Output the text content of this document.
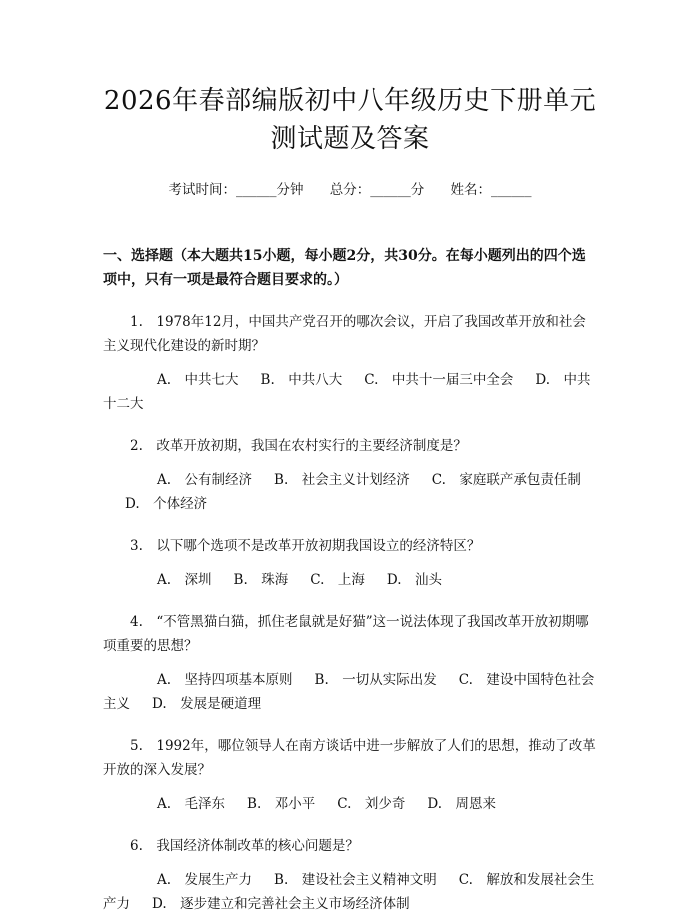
2026年春部编版初中八年级历史下册单元测试题及答案
考试时间：______分钟 总分：______分 姓名：______
一、选择题（本大题共15小题，每小题2分，共30分。在每小题列出的四个选项中，只有一项是最符合题目要求的。）
1.　1978年12月，中国共产党召开的哪次会议，开启了我国改革开放和社会主义现代化建设的新时期？
A.　中共七大 B.　中共八大 C.　中共十一届三中全会 D.　中共十二大
2.　改革开放初期，我国在农村实行的主要经济制度是？
A.　公有制经济 B.　社会主义计划经济 C.　家庭联产承包责任制D.　个体经济
3.　以下哪个选项不是改革开放初期我国设立的经济特区？
A.　深圳 B.　珠海 C.　上海 D.　汕头
4.　“不管黑猫白猫，抓住老鼠就是好猫”这一说法体现了我国改革开放初期哪项重要的思想？
A.　坚持四项基本原则 B.　一切从实际出发 C.　建设中国特色社会主义 D.　发展是硬道理
5.　1992年，哪位领导人在南方谈话中进一步解放了人们的思想，推动了改革开放的深入发展？
A.　毛泽东 B.　邓小平 C.　刘少奇 D.　周恩来
6.　我国经济体制改革的核心问题是？
A.　发展生产力 B.　建设社会主义精神文明 C.　解放和发展社会生产力 D.　逐步建立和完善社会主义市场经济体制
